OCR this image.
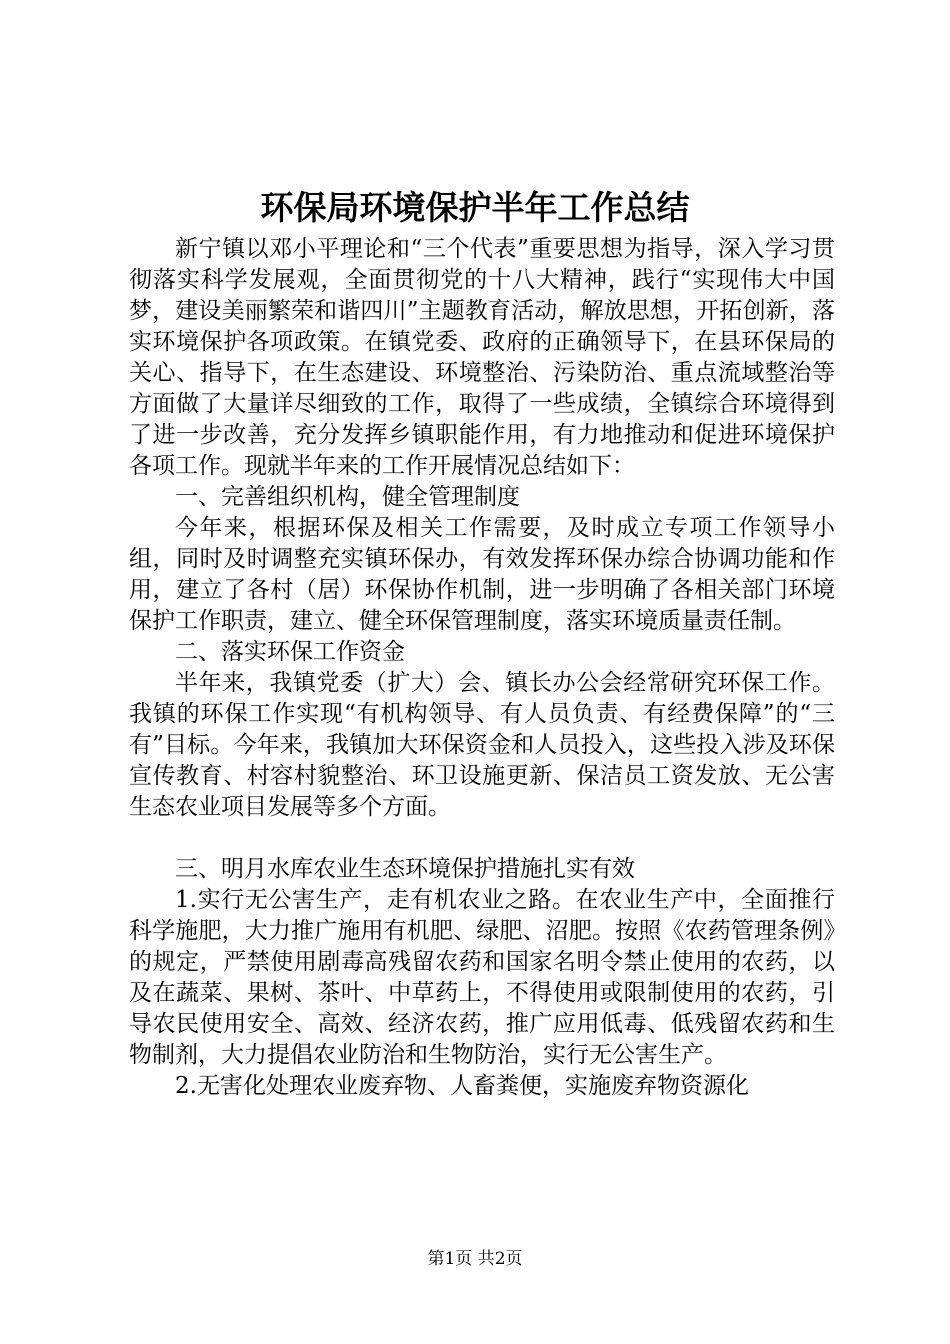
环保局环境保护半年工作总结

新宁镇以邓小平理论和“三个代表”重要思想为指导，深入学习贯彻落实科学发展观，全面贯彻党的十八大精神，践行“实现伟大中国梦，建设美丽繁荣和谐四川”主题教育活动，解放思想，开拓创新，落实环境保护各项政策。在镇党委、政府的正确领导下，在县环保局的关心、指导下，在生态建设、环境整治、污染防治、重点流域整治等方面做了大量详尽细致的工作，取得了一些成绩，全镇综合环境得到了进一步改善，充分发挥乡镇职能作用，有力地推动和促进环境保护各项工作。现就半年来的工作开展情况总结如下：

一、完善组织机构，健全管理制度

今年来，根据环保及相关工作需要，及时成立专项工作领导小组，同时及时调整充实镇环保办，有效发挥环保办综合协调功能和作用，建立了各村（居）环保协作机制，进一步明确了各相关部门环境保护工作职责，建立、健全环保管理制度，落实环境质量责任制。

二、落实环保工作资金

半年来，我镇党委（扩大）会、镇长办公会经常研究环保工作。我镇的环保工作实现“有机构领导、有人员负责、有经费保障”的“三有”目标。今年来，我镇加大环保资金和人员投入，这些投入涉及环保宣传教育、村容村貌整治、环卫设施更新、保洁员工资发放、无公害生态农业项目发展等多个方面。

三、明月水库农业生态环境保护措施扎实有效

1.实行无公害生产，走有机农业之路。在农业生产中，全面推行科学施肥，大力推广施用有机肥、绿肥、沼肥。按照《农药管理条例》的规定，严禁使用剧毒高残留农药和国家名明令禁止使用的农药，以及在蔬菜、果树、茶叶、中草药上，不得使用或限制使用的农药，引导农民使用安全、高效、经济农药，推广应用低毒、低残留农药和生物制剂，大力提倡农业防治和生物防治，实行无公害生产。

2.无害化处理农业废弃物、人畜粪便，实施废弃物资源化

第1页 共2页
